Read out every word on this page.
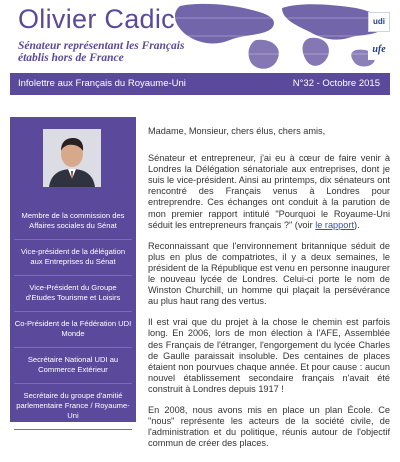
Olivier Cadic
Sénateur représentant les Français
établis hors de France
udi
ufe
Infolettre aux Français du Royaume-Uni	N°32 - Octobre 2015
Membre de la commission des Affaires sociales du Sénat
Vice-président de la délégation aux Entreprises du Sénat
Vice-Président du Groupe d'Etudes Tourisme et Loisirs
Co-Président de la Fédération UDI Monde
Secrétaire National UDI au Commerce Extérieur
Secrétaire du groupe d'amitié parlementaire France / Royaume-Uni
Président délégué du groupe

Madame, Monsieur, chers élus, chers amis,

Sénateur et entrepreneur, j'ai eu à cœur de faire venir à Londres la Délégation sénatoriale aux entreprises, dont je suis le vice-président. Ainsi au printemps, dix sénateurs ont rencontré des Français venus à Londres pour entreprendre. Ces échanges ont conduit à la parution de mon premier rapport intitulé "Pourquoi le Royaume-Uni séduit les entrepreneurs français ?" (voir le rapport).

Reconnaissant que l'environnement britannique séduit de plus en plus de compatriotes, il y a deux semaines, le président de la République est venu en personne inaugurer le nouveau lycée de Londres. Celui-ci porte le nom de Winston Churchill, un homme qui plaçait la persévérance au plus haut rang des vertus.

Il est vrai que du projet à la chose le chemin est parfois long. En 2006, lors de mon élection à l'AFE, Assemblée des Français de l'étranger, l'engorgement du lycée Charles de Gaulle paraissait insoluble. Des centaines de places étaient non pourvues chaque année. Et pour cause : aucun nouvel établissement secondaire français n'avait été construit à Londres depuis 1917 !

En 2008, nous avons mis en place un plan École. Ce "nous" représente les acteurs de la société civile, de l'administration et du politique, réunis autour de l'objectif commun de créer des places.
